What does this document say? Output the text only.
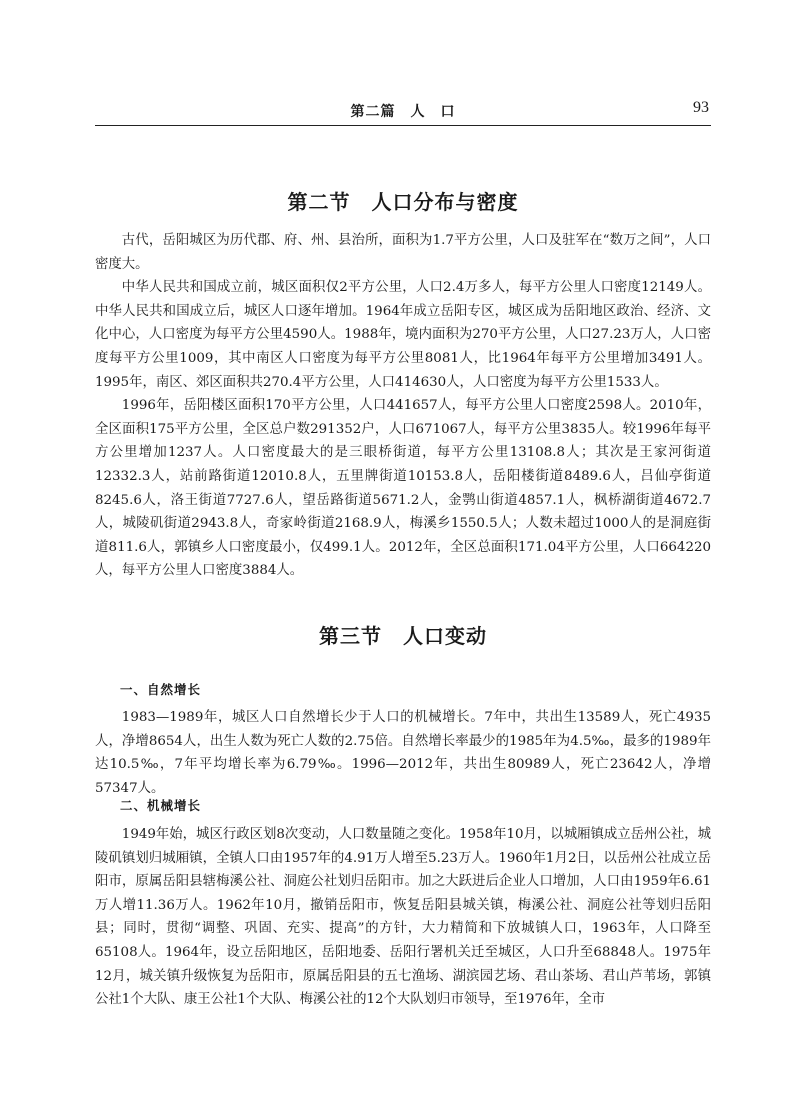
第二篇　人　口	93
第二节　人口分布与密度

古代，岳阳城区为历代郡、府、州、县治所，面积为1.7平方公里，人口及驻军在“数万之间”，人口密度大。

中华人民共和国成立前，城区面积仅2平方公里，人口2.4万多人，每平方公里人口密度12149人。中华人民共和国成立后，城区人口逐年增加。1964年成立岳阳专区，城区成为岳阳地区政治、经济、文化中心，人口密度为每平方公里4590人。1988年，境内面积为270平方公里，人口27.23万人，人口密度每平方公里1009，其中南区人口密度为每平方公里8081人，比1964年每平方公里增加3491人。1995年，南区、郊区面积共270.4平方公里，人口414630人，人口密度为每平方公里1533人。

1996年，岳阳楼区面积170平方公里，人口441657人，每平方公里人口密度2598人。2010年，全区面积175平方公里，全区总户数291352户，人口671067人，每平方公里3835人。较1996年每平方公里增加1237人。人口密度最大的是三眼桥街道，每平方公里13108.8人；其次是王家河街道12332.3人，站前路街道12010.8人，五里牌街道10153.8人，岳阳楼街道8489.6人，吕仙亭街道8245.6人，洛王街道7727.6人，望岳路街道5671.2人，金鹗山街道4857.1人，枫桥湖街道4672.7人，城陵矶街道2943.8人，奇家岭街道2168.9人，梅溪乡1550.5人；人数未超过1000人的是洞庭街道811.6人，郭镇乡人口密度最小，仅499.1人。2012年，全区总面积171.04平方公里，人口664220人，每平方公里人口密度3884人。

第三节　人口变动
一、自然增长

1983—1989年，城区人口自然增长少于人口的机械增长。7年中，共出生13589人，死亡4935人，净增8654人，出生人数为死亡人数的2.75倍。自然增长率最少的1985年为4.5‰，最多的1989年达10.5‰，7年平均增长率为6.79‰。1996—2012年，共出生80989人，死亡23642人，净增57347人。

二、机械增长

1949年始，城区行政区划8次变动，人口数量随之变化。1958年10月，以城厢镇成立岳州公社，城陵矶镇划归城厢镇，全镇人口由1957年的4.91万人增至5.23万人。1960年1月2日，以岳州公社成立岳阳市，原属岳阳县辖梅溪公社、洞庭公社划归岳阳市。加之大跃进后企业人口增加，人口由1959年6.61万人增11.36万人。1962年10月，撤销岳阳市，恢复岳阳县城关镇，梅溪公社、洞庭公社等划归岳阳县；同时，贯彻“调整、巩固、充实、提高”的方针，大力精简和下放城镇人口，1963年，人口降至65108人。1964年，设立岳阳地区，岳阳地委、岳阳行署机关迁至城区，人口升至68848人。1975年12月，城关镇升级恢复为岳阳市，原属岳阳县的五七渔场、湖滨园艺场、君山茶场、君山芦苇场，郭镇公社1个大队、康王公社1个大队、梅溪公社的12个大队划归市领导，至1976年，全市
